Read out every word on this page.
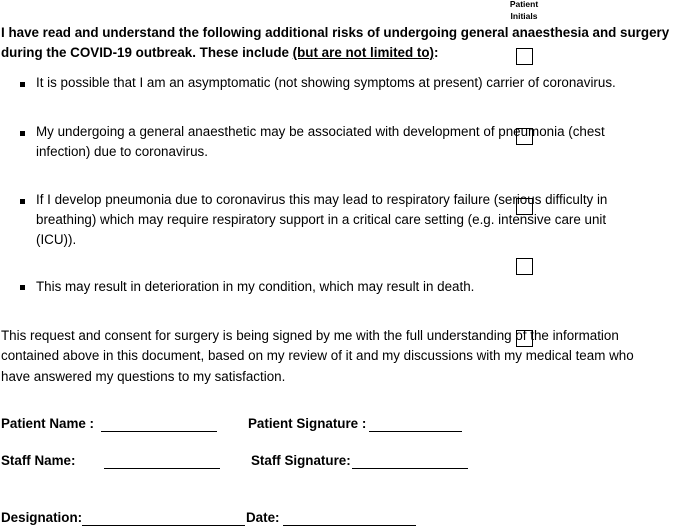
Patient
Initials
I have read and understand the following additional risks of undergoing general anaesthesia and surgery
during the COVID-19 outbreak. These include (but are not limited to):
It is possible that I am an asymptomatic (not showing symptoms at present) carrier of coronavirus.
My undergoing a general anaesthetic may be associated with development of pneumonia (chest
infection) due to coronavirus.
If I develop pneumonia due to coronavirus this may lead to respiratory failure (serious difficulty in
breathing) which may require respiratory support in a critical care setting (e.g. intensive care unit
(ICU)).
This may result in deterioration in my condition, which may result in death.
This request and consent for surgery is being signed by me with the full understanding of the information
contained above in this document, based on my review of it and my discussions with my medical team who
have answered my questions to my satisfaction.
Patient Name :	Patient Signature :
Staff Name:	Staff Signature:
Designation:	Date:
